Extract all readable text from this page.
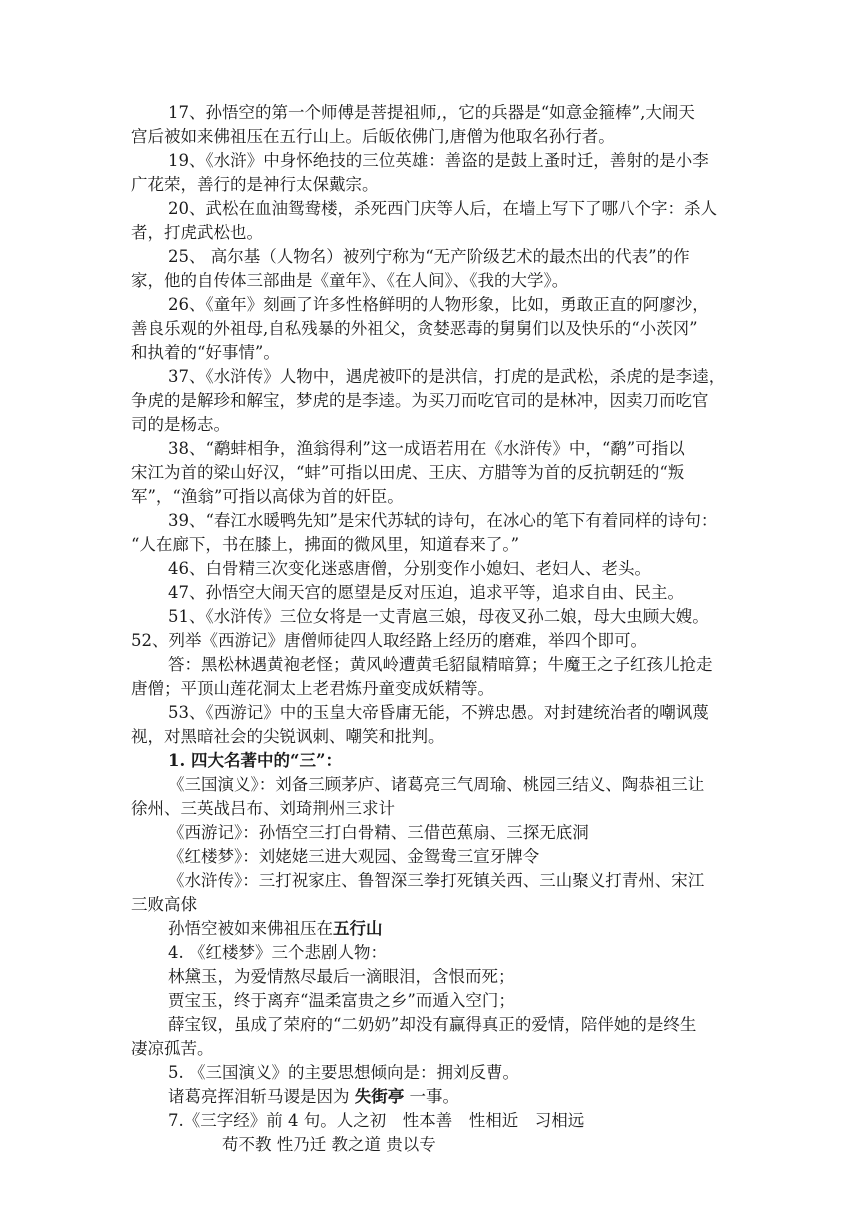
17、孙悟空的第一个师傅是菩提祖师,，它的兵器是“如意金箍棒”,大闹天
宫后被如来佛祖压在五行山上。后皈依佛门,唐僧为他取名孙行者。
19、《水浒》中身怀绝技的三位英雄：善盗的是鼓上蚤时迁，善射的是小李
广花荣，善行的是神行太保戴宗。
20、武松在血油鸳鸯楼，杀死西门庆等人后，在墙上写下了哪八个字：杀人
者，打虎武松也。
25、 高尔基（人物名）被列宁称为“无产阶级艺术的最杰出的代表”的作
家，他的自传体三部曲是《童年》、《在人间》、《我的大学》。
26、《童年》刻画了许多性格鲜明的人物形象，比如，勇敢正直的阿廖沙，
善良乐观的外祖母,自私残暴的外祖父，贪婪恶毒的舅舅们以及快乐的“小茨冈”
和执着的“好事情”。
37、《水浒传》人物中，遇虎被吓的是洪信，打虎的是武松，杀虎的是李逵，
争虎的是解珍和解宝，梦虎的是李逵。为买刀而吃官司的是林冲，因卖刀而吃官
司的是杨志。
38、“鹬蚌相争，渔翁得利”这一成语若用在《水浒传》中，“鹬”可指以
宋江为首的梁山好汉，“蚌”可指以田虎、王庆、方腊等为首的反抗朝廷的“叛
军”，“渔翁”可指以高俅为首的奸臣。
39、“春江水暖鸭先知”是宋代苏轼的诗句，在冰心的笔下有着同样的诗句：
“人在廊下，书在膝上，拂面的微风里，知道春来了。”
46、白骨精三次变化迷惑唐僧，分别变作小媳妇、老妇人、老头。
47、孙悟空大闹天宫的愿望是反对压迫，追求平等，追求自由、民主。
51、《水浒传》三位女将是一丈青扈三娘，母夜叉孙二娘，母大虫顾大嫂。
52、列举《西游记》唐僧师徒四人取经路上经历的磨难，举四个即可。
答：黑松林遇黄袍老怪；黄风岭遭黄毛貂鼠精暗算；牛魔王之子红孩儿抢走
唐僧；平顶山莲花洞太上老君炼丹童变成妖精等。
53、《西游记》中的玉皇大帝昏庸无能，不辨忠愚。对封建统治者的嘲讽蔑
视，对黑暗社会的尖锐讽刺、嘲笑和批判。
1. 四大名著中的“三”：
《三国演义》：刘备三顾茅庐、诸葛亮三气周瑜、桃园三结义、陶恭祖三让
徐州、三英战吕布、刘琦荆州三求计
《西游记》：孙悟空三打白骨精、三借芭蕉扇、三探无底洞
《红楼梦》：刘姥姥三进大观园、金鸳鸯三宣牙牌令
《水浒传》：三打祝家庄、鲁智深三拳打死镇关西、三山聚义打青州、宋江
三败高俅
孙悟空被如来佛祖压在五行山
4. 《红楼梦》三个悲剧人物：
林黛玉，为爱情熬尽最后一滴眼泪，含恨而死；
贾宝玉，终于离弃“温柔富贵之乡”而遁入空门；
薛宝钗，虽成了荣府的“二奶奶”却没有赢得真正的爱情，陪伴她的是终生
凄凉孤苦。
5. 《三国演义》的主要思想倾向是：拥刘反曹。
诸葛亮挥泪斩马谡是因为 失街亭 一事。
7.《三字经》前 4 句。人之初　性本善　性相近　习相远
苟不教 性乃迁 教之道 贵以专
